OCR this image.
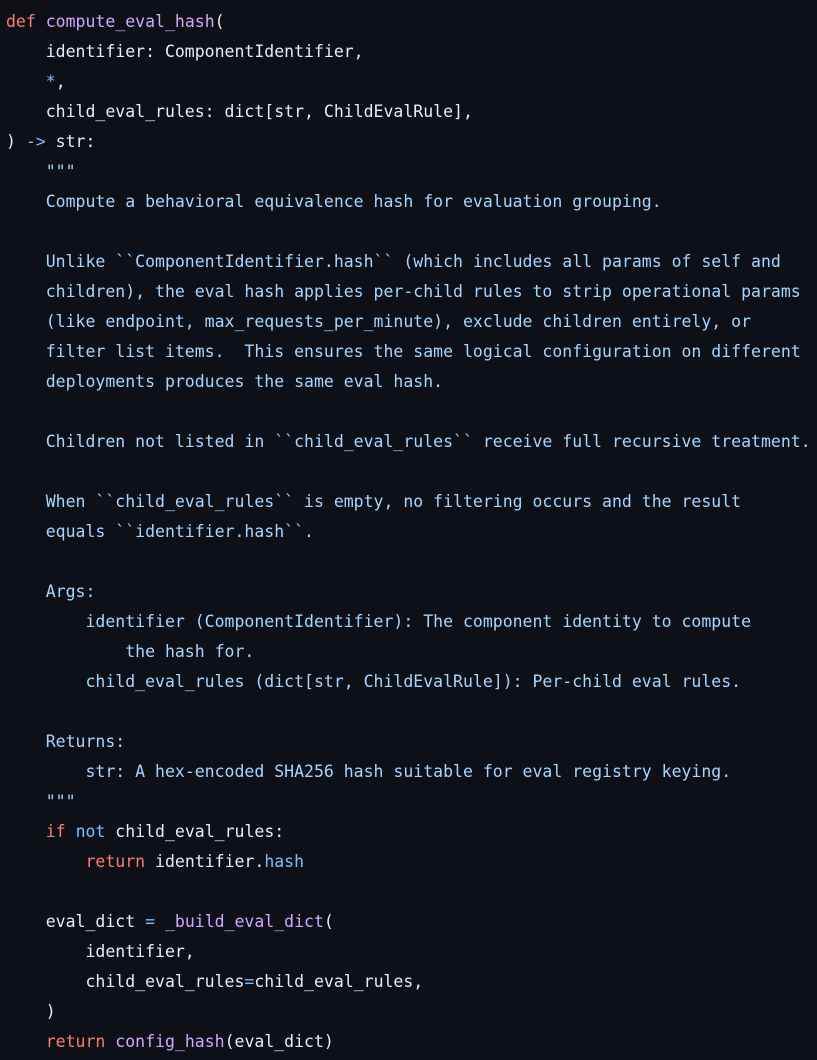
def compute_eval_hash(
identifier: ComponentIdentifier,
*,
child_eval_rules: dict[str, ChildEvalRule],
) -> str:
"""
Compute a behavioral equivalence hash for evaluation grouping.
Unlike ``ComponentIdentifier.hash`` (which includes all params of self and
children), the eval hash applies per-child rules to strip operational params
(like endpoint, max_requests_per_minute), exclude children entirely, or
filter list items.  This ensures the same logical configuration on different
deployments produces the same eval hash.
Children not listed in ``child_eval_rules`` receive full recursive treatment.
When ``child_eval_rules`` is empty, no filtering occurs and the result
equals ``identifier.hash``.
Args:
identifier (ComponentIdentifier): The component identity to compute
the hash for.
child_eval_rules (dict[str, ChildEvalRule]): Per-child eval rules.
Returns:
str: A hex-encoded SHA256 hash suitable for eval registry keying.
"""
if not child_eval_rules:
return identifier.hash
eval_dict = _build_eval_dict(
identifier,
child_eval_rules=child_eval_rules,
)
return config_hash(eval_dict)
